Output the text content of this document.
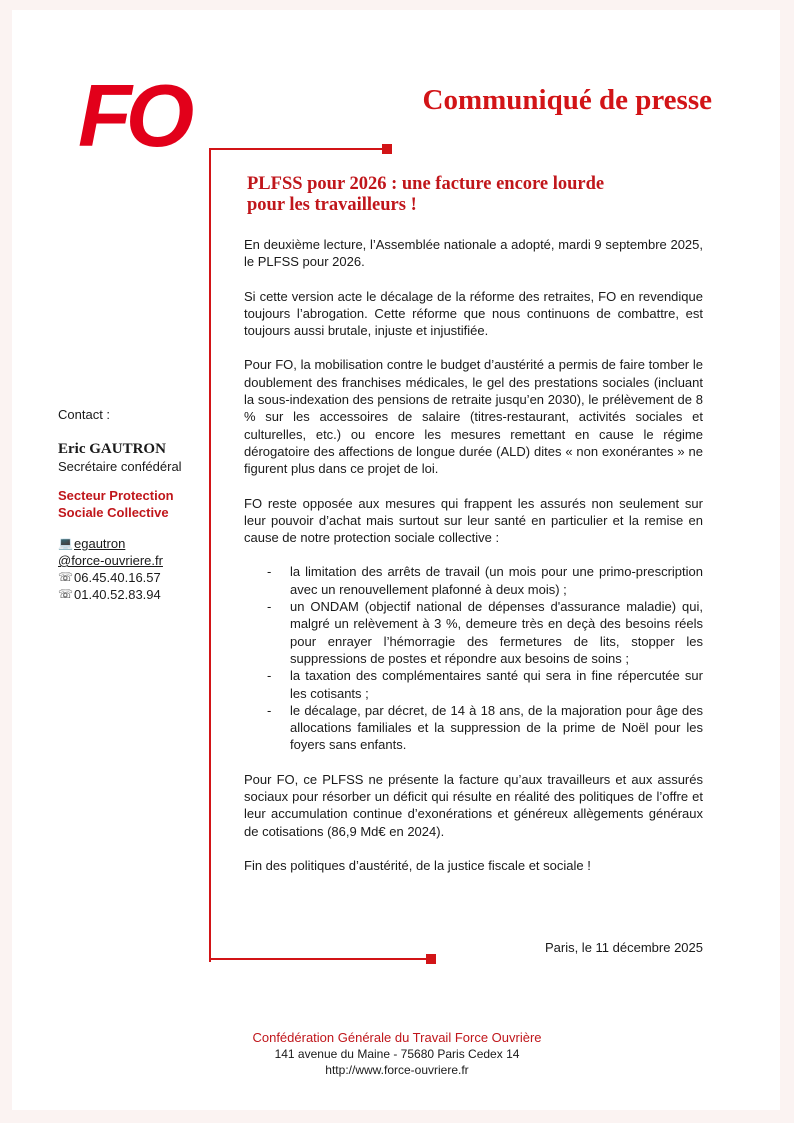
FO	Communiqué de presse
Contact :
Eric GAUTRON
Secrétaire confédéral
Secteur Protection
Sociale Collective
💻 egautron
@force-ouvriere.fr
☏ 06.45.40.16.57
☏ 01.40.52.83.94
PLFSS pour 2026 : une facture encore lourde
pour les travailleurs !

En deuxième lecture, l’Assemblée nationale a adopté, mardi 9 septembre 2025, le PLFSS pour 2026.

Si cette version acte le décalage de la réforme des retraites, FO en revendique toujours l’abrogation. Cette réforme que nous continuons de combattre, est toujours aussi brutale, injuste et injustifiée.

Pour FO, la mobilisation contre le budget d’austérité a permis de faire tomber le doublement des franchises médicales, le gel des prestations sociales (incluant la sous-indexation des pensions de retraite jusqu’en 2030), le prélèvement de 8 % sur les accessoires de salaire (titres-restaurant, activités sociales et culturelles, etc.) ou encore les mesures remettant en cause le régime dérogatoire des affections de longue durée (ALD) dites « non exonérantes » ne figurent plus dans ce projet de loi.

FO reste opposée aux mesures qui frappent les assurés non seulement sur leur pouvoir d’achat mais surtout sur leur santé en particulier et la remise en cause de notre protection sociale collective :

- la limitation des arrêts de travail (un mois pour une primo-prescription avec un renouvellement plafonné à deux mois) ;
- un ONDAM (objectif national de dépenses d'assurance maladie) qui, malgré un relèvement à 3 %, demeure très en deçà des besoins réels pour enrayer l’hémorragie des fermetures de lits, stopper les suppressions de postes et répondre aux besoins de soins ;
- la taxation des complémentaires santé qui sera in fine répercutée sur les cotisants ;
- le décalage, par décret, de 14 à 18 ans, de la majoration pour âge des allocations familiales et la suppression de la prime de Noël pour les foyers sans enfants.

Pour FO, ce PLFSS ne présente la facture qu’aux travailleurs et aux assurés sociaux pour résorber un déficit qui résulte en réalité des politiques de l’offre et leur accumulation continue d’exonérations et généreux allègements généraux de cotisations (86,9 Md€ en 2024).

Fin des politiques d’austérité, de la justice fiscale et sociale !

Paris, le 11 décembre 2025
Confédération Générale du Travail Force Ouvrière
141 avenue du Maine - 75680 Paris Cedex 14
http://www.force-ouvriere.fr
